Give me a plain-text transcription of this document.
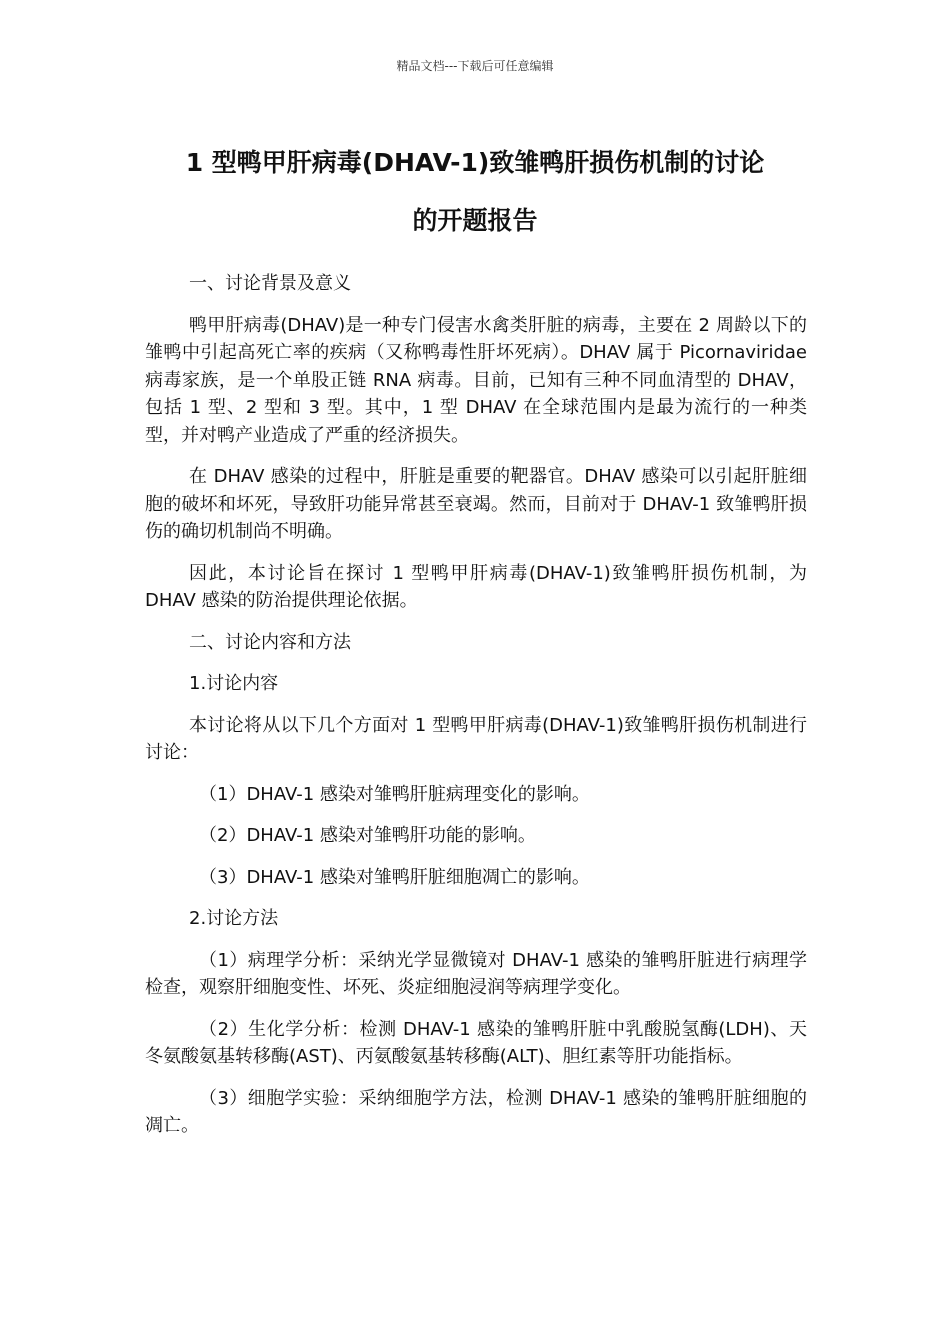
精品文档---下载后可任意编辑
1 型鸭甲肝病毒(DHAV-1)致雏鸭肝损伤机制的讨论
的开题报告

一、讨论背景及意义

鸭甲肝病毒(DHAV)是一种专门侵害水禽类肝脏的病毒，主要在 2 周龄以下的雏鸭中引起高死亡率的疾病（又称鸭毒性肝坏死病）。DHAV 属于 Picornaviridae 病毒家族，是一个单股正链 RNA 病毒。目前，已知有三种不同血清型的 DHAV，包括 1 型、2 型和 3 型。其中，1 型 DHAV 在全球范围内是最为流行的一种类型，并对鸭产业造成了严重的经济损失。

在 DHAV 感染的过程中，肝脏是重要的靶器官。DHAV 感染可以引起肝脏细胞的破坏和坏死，导致肝功能异常甚至衰竭。然而，目前对于 DHAV-1 致雏鸭肝损伤的确切机制尚不明确。

因此，本讨论旨在探讨 1 型鸭甲肝病毒(DHAV-1)致雏鸭肝损伤机制，为 DHAV 感染的防治提供理论依据。

二、讨论内容和方法

1.讨论内容

本讨论将从以下几个方面对 1 型鸭甲肝病毒(DHAV-1)致雏鸭肝损伤机制进行讨论：

（1）DHAV-1 感染对雏鸭肝脏病理变化的影响。

（2）DHAV-1 感染对雏鸭肝功能的影响。

（3）DHAV-1 感染对雏鸭肝脏细胞凋亡的影响。

2.讨论方法

（1）病理学分析：采纳光学显微镜对 DHAV-1 感染的雏鸭肝脏进行病理学检查，观察肝细胞变性、坏死、炎症细胞浸润等病理学变化。

（2）生化学分析：检测 DHAV-1 感染的雏鸭肝脏中乳酸脱氢酶(LDH)、天冬氨酸氨基转移酶(AST)、丙氨酸氨基转移酶(ALT)、胆红素等肝功能指标。

（3）细胞学实验：采纳细胞学方法，检测 DHAV-1 感染的雏鸭肝脏细胞的凋亡。
